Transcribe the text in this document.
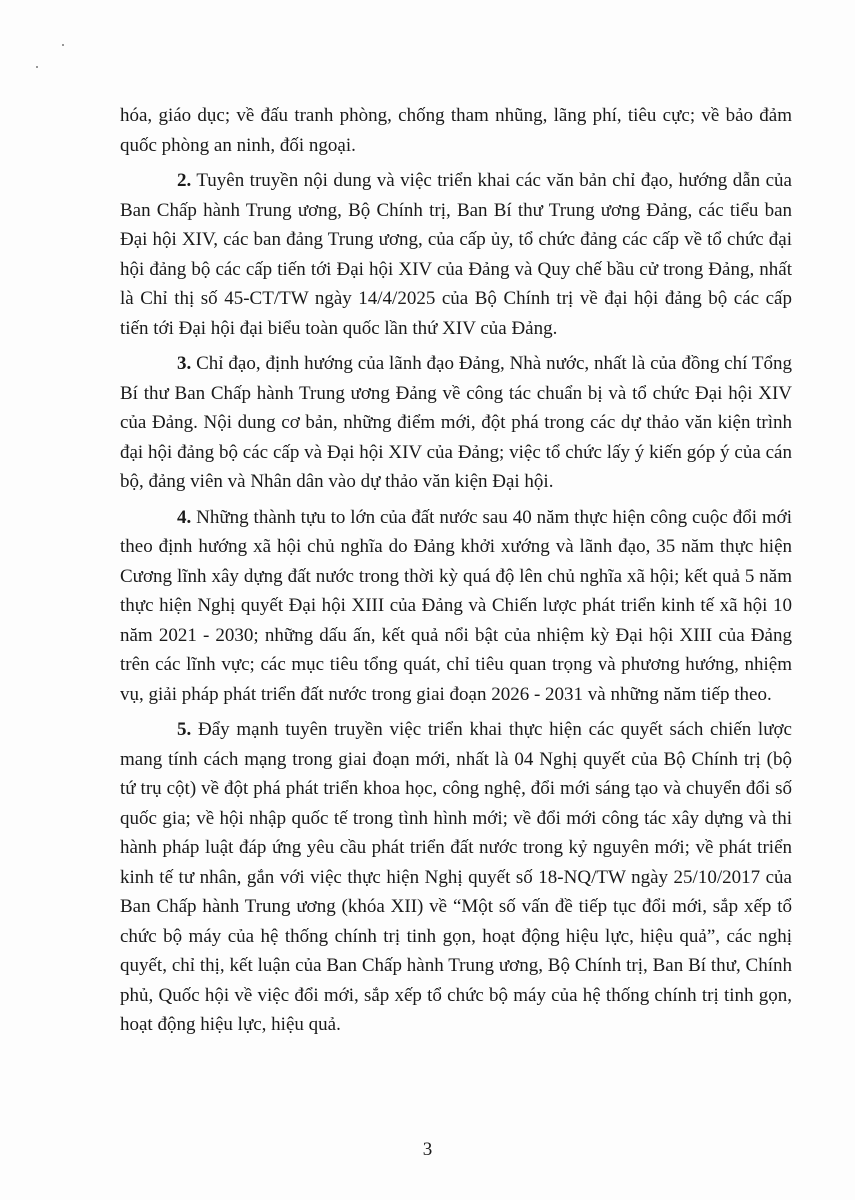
hóa, giáo dục; về đấu tranh phòng, chống tham nhũng, lãng phí, tiêu cực; về bảo đảm quốc phòng an ninh, đối ngoại.

2. Tuyên truyền nội dung và việc triển khai các văn bản chỉ đạo, hướng dẫn của Ban Chấp hành Trung ương, Bộ Chính trị, Ban Bí thư Trung ương Đảng, các tiểu ban Đại hội XIV, các ban đảng Trung ương, của cấp ủy, tổ chức đảng các cấp về tổ chức đại hội đảng bộ các cấp tiến tới Đại hội XIV của Đảng và Quy chế bầu cử trong Đảng, nhất là Chỉ thị số 45-CT/TW ngày 14/4/2025 của Bộ Chính trị về đại hội đảng bộ các cấp tiến tới Đại hội đại biểu toàn quốc lần thứ XIV của Đảng.

3. Chỉ đạo, định hướng của lãnh đạo Đảng, Nhà nước, nhất là của đồng chí Tổng Bí thư Ban Chấp hành Trung ương Đảng về công tác chuẩn bị và tổ chức Đại hội XIV của Đảng. Nội dung cơ bản, những điểm mới, đột phá trong các dự thảo văn kiện trình đại hội đảng bộ các cấp và Đại hội XIV của Đảng; việc tổ chức lấy ý kiến góp ý của cán bộ, đảng viên và Nhân dân vào dự thảo văn kiện Đại hội.

4. Những thành tựu to lớn của đất nước sau 40 năm thực hiện công cuộc đổi mới theo định hướng xã hội chủ nghĩa do Đảng khởi xướng và lãnh đạo, 35 năm thực hiện Cương lĩnh xây dựng đất nước trong thời kỳ quá độ lên chủ nghĩa xã hội; kết quả 5 năm thực hiện Nghị quyết Đại hội XIII của Đảng và Chiến lược phát triển kinh tế xã hội 10 năm 2021 - 2030; những dấu ấn, kết quả nổi bật của nhiệm kỳ Đại hội XIII của Đảng trên các lĩnh vực; các mục tiêu tổng quát, chỉ tiêu quan trọng và phương hướng, nhiệm vụ, giải pháp phát triển đất nước trong giai đoạn 2026 - 2031 và những năm tiếp theo.

5. Đẩy mạnh tuyên truyền việc triển khai thực hiện các quyết sách chiến lược mang tính cách mạng trong giai đoạn mới, nhất là 04 Nghị quyết của Bộ Chính trị (bộ tứ trụ cột) về đột phá phát triển khoa học, công nghệ, đổi mới sáng tạo và chuyển đổi số quốc gia; về hội nhập quốc tế trong tình hình mới; về đổi mới công tác xây dựng và thi hành pháp luật đáp ứng yêu cầu phát triển đất nước trong kỷ nguyên mới; về phát triển kinh tế tư nhân, gắn với việc thực hiện Nghị quyết số 18-NQ/TW ngày 25/10/2017 của Ban Chấp hành Trung ương (khóa XII) về “Một số vấn đề tiếp tục đổi mới, sắp xếp tổ chức bộ máy của hệ thống chính trị tinh gọn, hoạt động hiệu lực, hiệu quả”, các nghị quyết, chỉ thị, kết luận của Ban Chấp hành Trung ương, Bộ Chính trị, Ban Bí thư, Chính phủ, Quốc hội về việc đổi mới, sắp xếp tổ chức bộ máy của hệ thống chính trị tinh gọn, hoạt động hiệu lực, hiệu quả.

3
